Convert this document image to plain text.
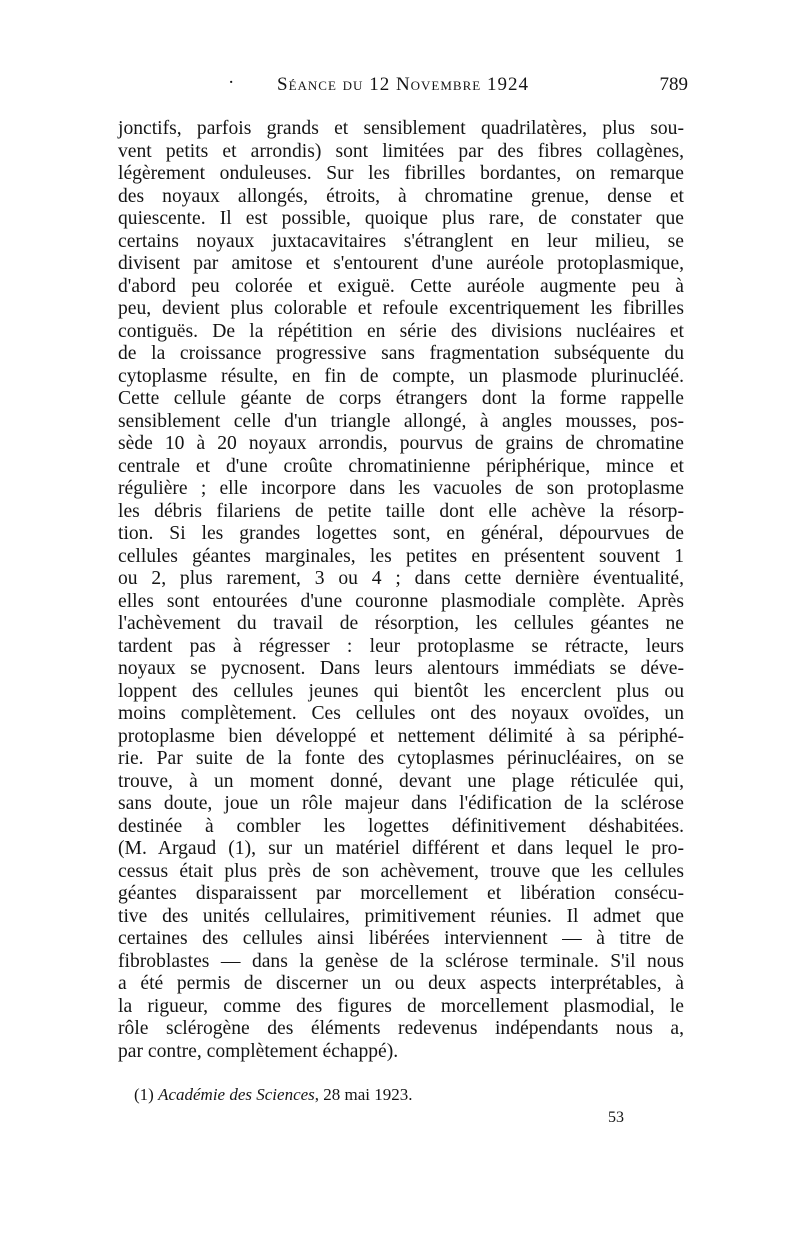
·	Séance du 12 Novembre 1924	789
jonctifs, parfois grands et sensiblement quadrilatères, plus sou-
vent petits et arrondis) sont limitées par des fibres collagènes,
légèrement onduleuses. Sur les fibrilles bordantes, on remarque
des noyaux allongés, étroits, à chromatine grenue, dense et
quiescente. Il est possible, quoique plus rare, de constater que
certains noyaux juxtacavitaires s'étranglent en leur milieu, se
divisent par amitose et s'entourent d'une auréole protoplasmique,
d'abord peu colorée et exiguë. Cette auréole augmente peu à
peu, devient plus colorable et refoule excentriquement les fibrilles
contiguës. De la répétition en série des divisions nucléaires et
de la croissance progressive sans fragmentation subséquente du
cytoplasme résulte, en fin de compte, un plasmode plurinucléé.
Cette cellule géante de corps étrangers dont la forme rappelle
sensiblement celle d'un triangle allongé, à angles mousses, pos-
sède 10 à 20 noyaux arrondis, pourvus de grains de chromatine
centrale et d'une croûte chromatinienne périphérique, mince et
régulière ; elle incorpore dans les vacuoles de son protoplasme
les débris filariens de petite taille dont elle achève la résorp-
tion. Si les grandes logettes sont, en général, dépourvues de
cellules géantes marginales, les petites en présentent souvent 1
ou 2, plus rarement, 3 ou 4 ; dans cette dernière éventualité,
elles sont entourées d'une couronne plasmodiale complète. Après
l'achèvement du travail de résorption, les cellules géantes ne
tardent pas à régresser : leur protoplasme se rétracte, leurs
noyaux se pycnosent. Dans leurs alentours immédiats se déve-
loppent des cellules jeunes qui bientôt les encerclent plus ou
moins complètement. Ces cellules ont des noyaux ovoïdes, un
protoplasme bien développé et nettement délimité à sa périphé-
rie. Par suite de la fonte des cytoplasmes périnucléaires, on se
trouve, à un moment donné, devant une plage réticulée qui,
sans doute, joue un rôle majeur dans l'édification de la sclérose
destinée à combler les logettes définitivement déshabitées.
(M. Argaud (1), sur un matériel différent et dans lequel le pro-
cessus était plus près de son achèvement, trouve que les cellules
géantes disparaissent par morcellement et libération consécu-
tive des unités cellulaires, primitivement réunies. Il admet que
certaines des cellules ainsi libérées interviennent — à titre de
fibroblastes — dans la genèse de la sclérose terminale. S'il nous
a été permis de discerner un ou deux aspects interprétables, à
la rigueur, comme des figures de morcellement plasmodial, le
rôle sclérogène des éléments redevenus indépendants nous a,
par contre, complètement échappé).
(1) Académie des Sciences, 28 mai 1923.
53
